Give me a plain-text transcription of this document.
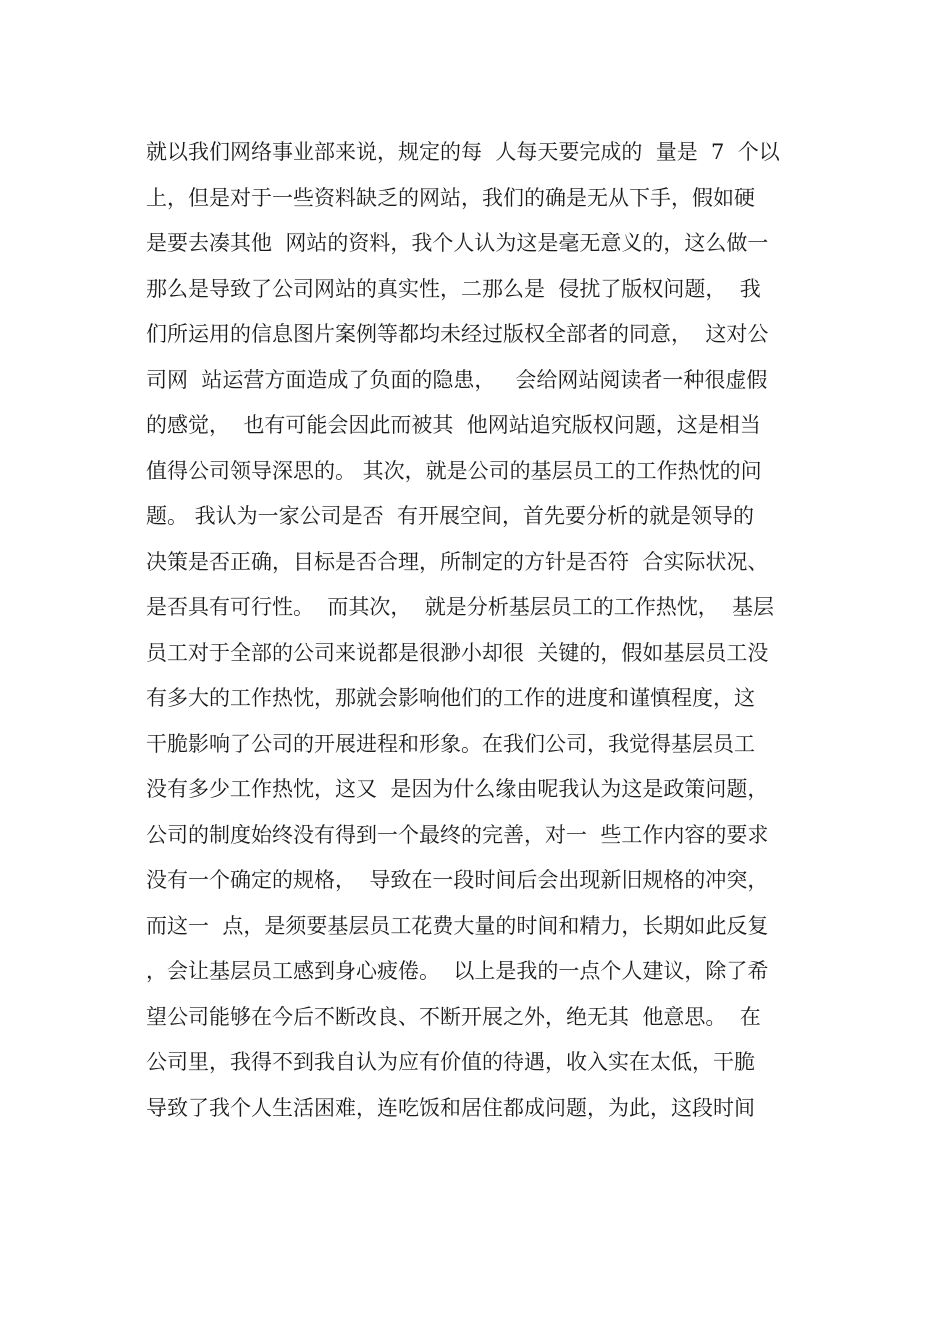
就以我们网络事业部来说，规定的每  人每天要完成的  量是  7  个以
上，但是对于一些资料缺乏的网站，我们的确是无从下手，假如硬
是要去凑其他  网站的资料，我个人认为这是毫无意义的，这么做一
那么是导致了公司网站的真实性，二那么是  侵扰了版权问题，  我
们所运用的信息图片案例等都均未经过版权全部者的同意，  这对公
司网  站运营方面造成了负面的隐患，   会给网站阅读者一种很虚假
的感觉，  也有可能会因此而被其  他网站追究版权问题，这是相当
值得公司领导深思的。 其次，就是公司的基层员工的工作热忱的问
题。 我认为一家公司是否  有开展空间，首先要分析的就是领导的
决策是否正确，目标是否合理，所制定的方针是否符  合实际状况、
是否具有可行性。  而其次，  就是分析基层员工的工作热忱，  基层
员工对于全部的公司来说都是很渺小却很  关键的，假如基层员工没
有多大的工作热忱，那就会影响他们的工作的进度和谨慎程度，这
干脆影响了公司的开展进程和形象。在我们公司，我觉得基层员工
没有多少工作热忱，这又  是因为什么缘由呢我认为这是政策问题，
公司的制度始终没有得到一个最终的完善，对一  些工作内容的要求
没有一个确定的规格，  导致在一段时间后会出现新旧规格的冲突，
而这一  点，是须要基层员工花费大量的时间和精力，长期如此反复
，会让基层员工感到身心疲倦。  以上是我的一点个人建议，除了希
望公司能够在今后不断改良、不断开展之外，绝无其  他意思。  在
公司里，我得不到我自认为应有价值的待遇，收入实在太低，干脆
导致了我个人生活困难，连吃饭和居住都成问题，为此，这段时间
